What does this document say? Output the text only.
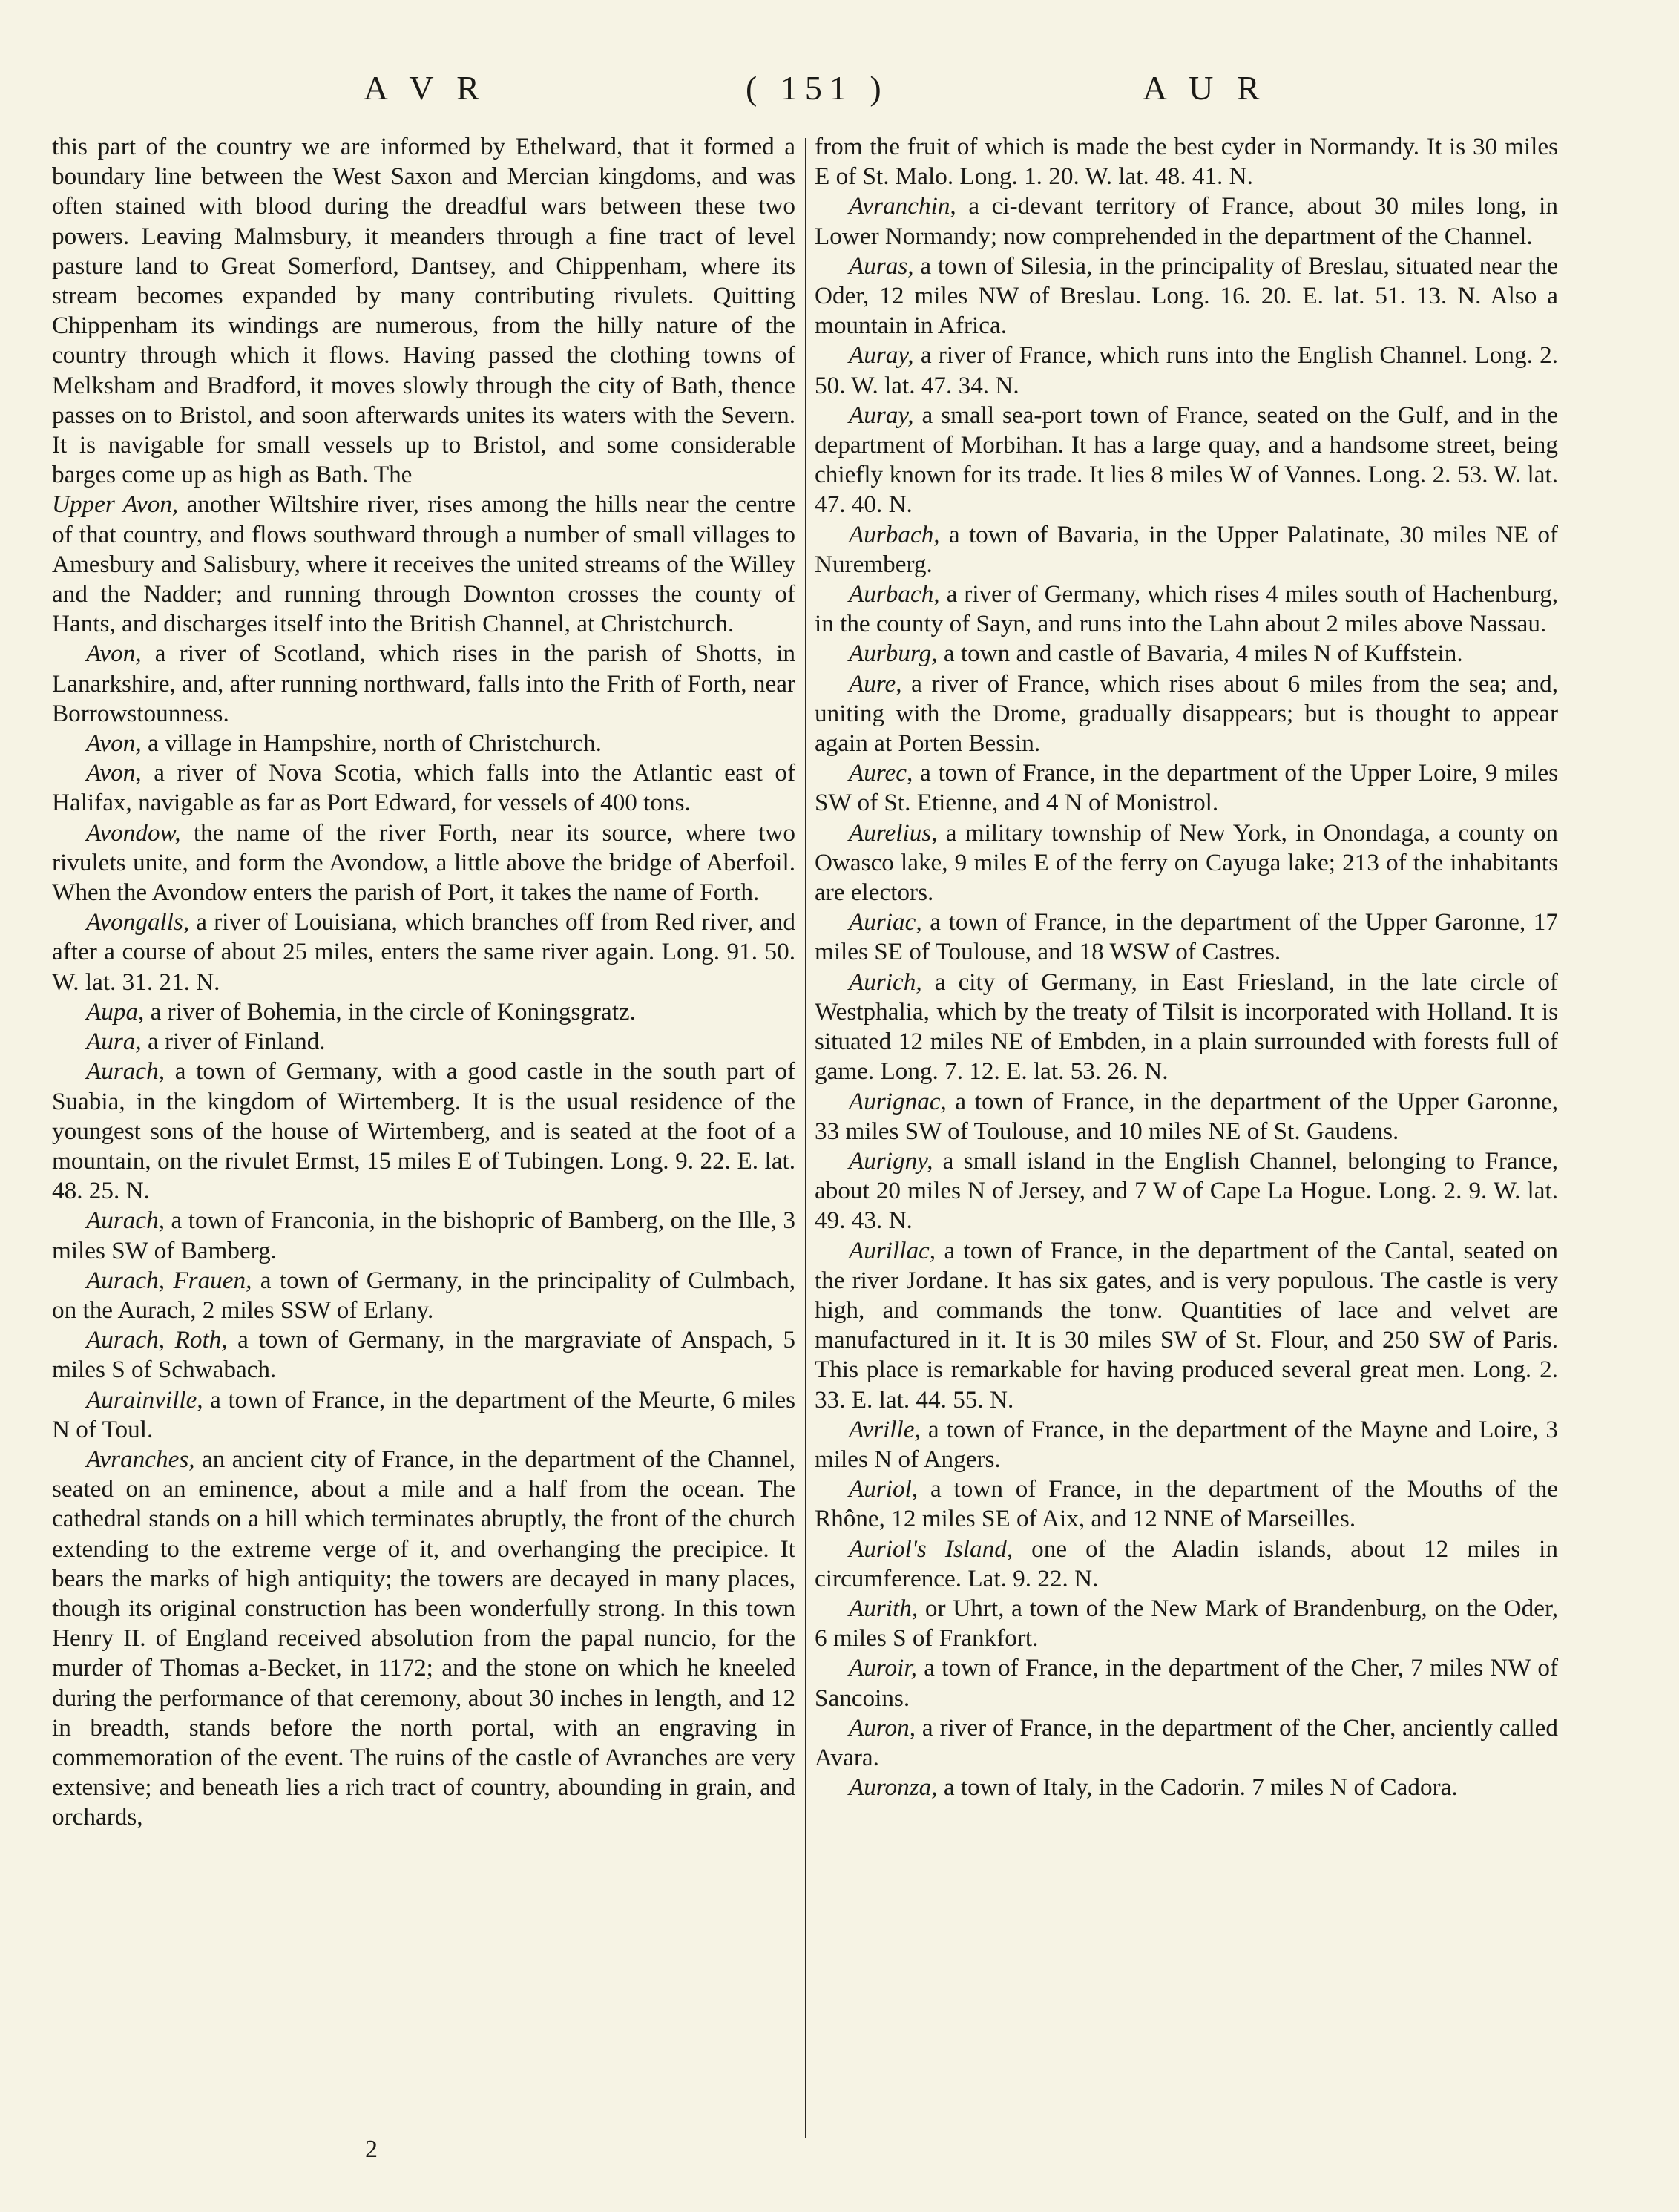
A V R	( 151 )	A U R

this part of the country we are informed by Ethelward, that it formed a boundary line between the West Saxon and Mercian kingdoms, and was often stained with blood during the dreadful wars between these two powers. Leaving Malmsbury, it meanders through a fine tract of level pasture land to Great Somerford, Dantsey, and Chippenham, where its stream becomes expanded by many contributing rivulets. Quitting Chippenham its windings are numerous, from the hilly nature of the country through which it flows. Having passed the clothing towns of Melksham and Bradford, it moves slowly through the city of Bath, thence passes on to Bristol, and soon afterwards unites its waters with the Severn. It is navigable for small vessels up to Bristol, and some considerable barges come up as high as Bath. The

Upper Avon, another Wiltshire river, rises among the hills near the centre of that country, and flows southward through a number of small villages to Amesbury and Salisbury, where it receives the united streams of the Willey and the Nadder; and running through Downton crosses the county of Hants, and discharges itself into the British Channel, at Christchurch.

Avon, a river of Scotland, which rises in the parish of Shotts, in Lanarkshire, and, after running northward, falls into the Frith of Forth, near Borrowstounness.

Avon, a village in Hampshire, north of Christchurch.

Avon, a river of Nova Scotia, which falls into the Atlantic east of Halifax, navigable as far as Port Edward, for vessels of 400 tons.

Avondow, the name of the river Forth, near its source, where two rivulets unite, and form the Avondow, a little above the bridge of Aberfoil. When the Avondow enters the parish of Port, it takes the name of Forth.

Avongalls, a river of Louisiana, which branches off from Red river, and after a course of about 25 miles, enters the same river again. Long. 91. 50. W. lat. 31. 21. N.

Aupa, a river of Bohemia, in the circle of Koningsgratz.

Aura, a river of Finland.

Aurach, a town of Germany, with a good castle in the south part of Suabia, in the kingdom of Wirtemberg. It is the usual residence of the youngest sons of the house of Wirtemberg, and is seated at the foot of a mountain, on the rivulet Ermst, 15 miles E of Tubingen. Long. 9. 22. E. lat. 48. 25. N.

Aurach, a town of Franconia, in the bishopric of Bamberg, on the Ille, 3 miles SW of Bamberg.

Aurach, Frauen, a town of Germany, in the principality of Culmbach, on the Aurach, 2 miles SSW of Erlany.

Aurach, Roth, a town of Germany, in the margraviate of Anspach, 5 miles S of Schwabach.

Aurainville, a town of France, in the department of the Meurte, 6 miles N of Toul.

Avranches, an ancient city of France, in the department of the Channel, seated on an eminence, about a mile and a half from the ocean. The cathedral stands on a hill which terminates abruptly, the front of the church extending to the extreme verge of it, and overhanging the precipice. It bears the marks of high antiquity; the towers are decayed in many places, though its original construction has been wonderfully strong. In this town Henry II. of England received absolution from the papal nuncio, for the murder of Thomas a-Becket, in 1172; and the stone on which he kneeled during the performance of that ceremony, about 30 inches in length, and 12 in breadth, stands before the north portal, with an engraving in commemoration of the event. The ruins of the castle of Avranches are very extensive; and beneath lies a rich tract of country, abounding in grain, and orchards,

from the fruit of which is made the best cyder in Normandy. It is 30 miles E of St. Malo. Long. 1. 20. W. lat. 48. 41. N.

Avranchin, a ci-devant territory of France, about 30 miles long, in Lower Normandy; now comprehended in the department of the Channel.

Auras, a town of Silesia, in the principality of Breslau, situated near the Oder, 12 miles NW of Breslau. Long. 16. 20. E. lat. 51. 13. N. Also a mountain in Africa.

Auray, a river of France, which runs into the English Channel. Long. 2. 50. W. lat. 47. 34. N.

Auray, a small sea-port town of France, seated on the Gulf, and in the department of Morbihan. It has a large quay, and a handsome street, being chiefly known for its trade. It lies 8 miles W of Vannes. Long. 2. 53. W. lat. 47. 40. N.

Aurbach, a town of Bavaria, in the Upper Palatinate, 30 miles NE of Nuremberg.

Aurbach, a river of Germany, which rises 4 miles south of Hachenburg, in the county of Sayn, and runs into the Lahn about 2 miles above Nassau.

Aurburg, a town and castle of Bavaria, 4 miles N of Kuffstein.

Aure, a river of France, which rises about 6 miles from the sea; and, uniting with the Drome, gradually disappears; but is thought to appear again at Porten Bessin.

Aurec, a town of France, in the department of the Upper Loire, 9 miles SW of St. Etienne, and 4 N of Monistrol.

Aurelius, a military township of New York, in Onondaga, a county on Owasco lake, 9 miles E of the ferry on Cayuga lake; 213 of the inhabitants are electors.

Auriac, a town of France, in the department of the Upper Garonne, 17 miles SE of Toulouse, and 18 WSW of Castres.

Aurich, a city of Germany, in East Friesland, in the late circle of Westphalia, which by the treaty of Tilsit is incorporated with Holland. It is situated 12 miles NE of Embden, in a plain surrounded with forests full of game. Long. 7. 12. E. lat. 53. 26. N.

Aurignac, a town of France, in the department of the Upper Garonne, 33 miles SW of Toulouse, and 10 miles NE of St. Gaudens.

Aurigny, a small island in the English Channel, belonging to France, about 20 miles N of Jersey, and 7 W of Cape La Hogue. Long. 2. 9. W. lat. 49. 43. N.

Aurillac, a town of France, in the department of the Cantal, seated on the river Jordane. It has six gates, and is very populous. The castle is very high, and commands the tonw. Quantities of lace and velvet are manufactured in it. It is 30 miles SW of St. Flour, and 250 SW of Paris. This place is remarkable for having produced several great men. Long. 2. 33. E. lat. 44. 55. N.

Avrille, a town of France, in the department of the Mayne and Loire, 3 miles N of Angers.

Auriol, a town of France, in the department of the Mouths of the Rhône, 12 miles SE of Aix, and 12 NNE of Marseilles.

Auriol's Island, one of the Aladin islands, about 12 miles in circumference. Lat. 9. 22. N.

Aurith, or Uhrt, a town of the New Mark of Brandenburg, on the Oder, 6 miles S of Frankfort.

Auroir, a town of France, in the department of the Cher, 7 miles NW of Sancoins.

Auron, a river of France, in the department of the Cher, anciently called Avara.

Auronza, a town of Italy, in the Cadorin. 7 miles N of Cadora.

2
